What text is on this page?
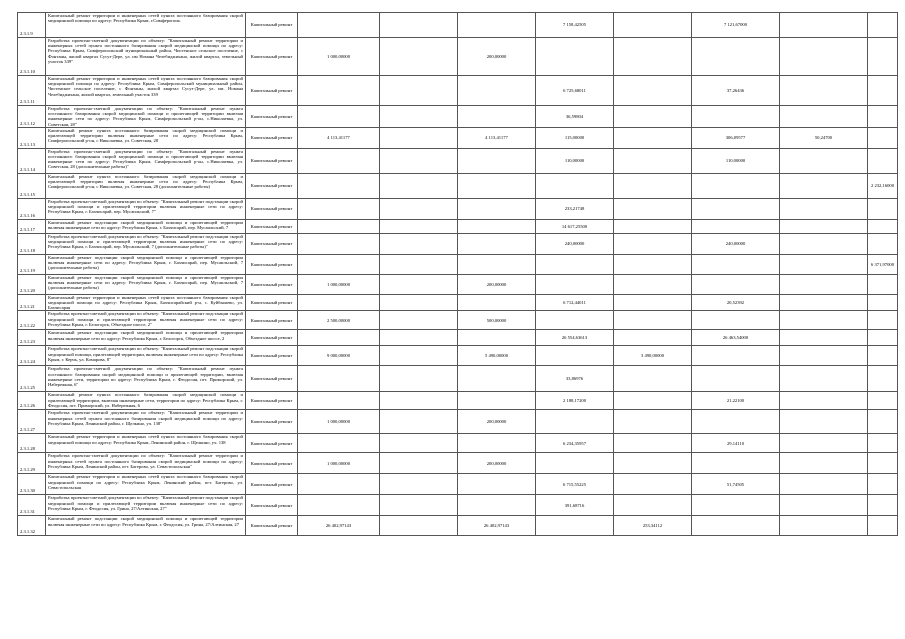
2.3.1.9	Капитальный ремонт территории и инженерных сетей пункта постоянного базирования скорой медицинской помощи по адресу: Республика Крым, г.Симферополь	Капитальный ремонт					7 158,42505		7 121,67000			
2.3.1.10	Разработка проектно-сметной документации по объекту: "Капитальный ремонт территории и инженерных сетей пункта постоянного базирования скорой медицинской помощи по адресу: Республика Крым, Симферопольский муниципальный район, Чистенское сельское поселение, с Фонтаны, жилой квартал Сусуз-Дере, ул. им Номана Челебиджихана, жилой квартал, земельный участок 339"	Капитальный ремонт	1 000,00000			200,00000						
2.3.1.11	Капитальный ремонт территории и инженерных сетей пункта постоянного базирования скорой медицинской помощи по адресу: Республика Крым, Симферопольский муниципальный район, Чистенское сельское поселение, с Фонтаны, жилой квартал Сусуз-Дере, ул. им. Номана Челебиджихана, жилой квартал, земельный участок 339	Капитальный ремонт					6 725,68011		37,26436			
2.3.1.12	Разработка проектно-сметной документации по объекту: "Капитальный ремонт пункта постоянного базирования скорой медицинской помощи и прилегающей территории включая инженерные сети по адресу: Республика Крым, Симферопольский р-он, с.Николаевка, ул. Советская, 28"	Капитальный ремонт					36,59804					
2.3.1.13	Капитальный ремонт пункта постоянного базирования скорой медицинской помощи и прилегающей территории включая инженерные сети по адресу: Республика Крым, Симферопольский р-он, с Николаевка, ул. Советская, 28	Капитальный ремонт	4 113,41177			4 113,41177	115,00000		306,09577	50,24700		
2.3.1.14	Разработка проектно-сметной документации по объекту: "Капитальный ремонт пункта постоянного базирования скорой медицинской помощи и прилегающей территории включая инженерные сети по адресу: Республика Крым, Симферопольский р-он, с.Николаевка, ул. Советская, 28 (дополнительные работы)"	Капитальный ремонт					110,00000		110,00000			
2.3.1.15	Капитальный ремонт пункта постоянного базирования скорой медицинской помощи и прилегающей территории включая инженерные сети по адресу: Республика Крым, Симферопольский р-он, с Николаевка, ул. Советская, 28 (дополнительные работы)	Капитальный ремонт									2 232,16000	
2.3.1.16	Разработка проектно-сметной документации по объекту: "Капитальный ремонт подстанции скорой медицинской помощи и прилегающей территории включая инженерные сети по адресу: Республика Крым, г. Бахчисарай, пер. Мусаильский, 7"	Капитальный ремонт					233,21748					
2.3.1.17	Капитальный ремонт подстанции скорой медицинской помощи и прилегающей территории включая инженерные сети по адресу: Республика Крым, г. Бахчисарай, пер. Мусаильский, 7	Капитальный ремонт					14 617,25500					
2.3.1.18	Разработка проектно-сметной документации по объекту: "Капитальный ремонт подстанции скорой медицинской помощи и прилегающей территории включая инженерные сети по адресу: Республика Крым, г. Бахчисарай, пер. Мусаильский, 7 (дополнительные работы)"	Капитальный ремонт					240,00000		240,00000			
2.3.1.19	Капитальный ремонт подстанции скорой медицинской помощи и прилегающей территории включая инженерные сети по адресу: Республика Крым, г. Бахчисарай, пер. Мусаильский, 7 (дополнительные работы)	Капитальный ремонт									6 371,97000	
2.3.1.20	Капитальный ремонт подстанции скорой медицинской помощи и прилегающей территории включая инженерные сети по адресу: Республика Крым, г. Бахчисарай, пер. Мусаильский, 7 (дополнительные работы)	Капитальный ремонт	1 000,00000			200,00000						
2.3.1.21	Капитальный ремонт территории и инженерных сетей пункта постоянного базирования скорой медицинской помощи по адресу: Республика Крым, Бахчисарайский р-н, с. Куйбышево, ул. Бахчисарая	Капитальный ремонт					6 712,44011		20,52392			
2.3.1.22	Разработка проектно-сметной документации по объекту: "Капитальный ремонт подстанции скорой медицинской помощи и прилегающей территории включая инженерные сети по адресу: Республика Крым, г. Белогорск, Объездное шоссе, 2"	Капитальный ремонт	2 500,00000			500,00000						
2.3.1.23	Капитальный ремонт подстанции скорой медицинской помощи и прилегающей территории включая инженерные сети по адресу: Республика Крым, г. Белогорск, Объездное шоссе, 2	Капитальный ремонт					26 554,63613		26 463,54000			
2.3.1.24	Разработка проектно-сметной документации по объекту: "Капитальный ремонт подстанции скорой медицинской помощи, прилегающей территории, включая инженерные сети по адресу: Республика Крым, г. Керчь, ул. Комарова, 8"	Капитальный ремонт	9 000,00000			5 490,00000		3 490,00000				
2.3.1.25	Разработка проектно-сметной документации по объекту: "Капитальный ремонт пункта постоянного базирования скорой медицинской помощи и прилегающей территории, включая инженерные сети, территории по адресу: Республика Крым, г. Феодосия, пгт. Приморский, ул. Набережная, 6"	Капитальный ремонт					33,86976					
2.3.1.26	Капитальный ремонт пункта постоянного базирования скорой медицинской помощи и прилегающей территории, включая инженерные сети, территории по адресу: Республика Крым, г. Феодосия, пгт. Приморский, ул. Набережная, 6	Капитальный ремонт					2 188,17200		21,22100			
2.3.1.27	Разработка проектно-сметной документации по объекту: "Капитальный ремонт территории и инженерных сетей пункта постоянного базирования скорой медицинской помощи по адресу: Республика Крым, Ленинский район, г. Щелкино, уч. 138"	Капитальный ремонт	1 000,00000			200,00000						
2.3.1.28	Капитальный ремонт территории и инженерных сетей пункта постоянного базирования скорой медицинской помощи по адресу: Республика Крым, Ленинский район, г. Щелкино, уч. 138	Капитальный ремонт					6 234,35957		29,14110			
2.3.1.29	Разработка проектно-сметной документации по объекту: "Капитальный ремонт территории и инженерных сетей пункта постоянного базирования скорой медицинской помощи по адресу: Республика Крым, Ленинский район, пгт. Багерово, ул. Севастопольская"	Капитальный ремонт	1 000,00000			200,00000						
2.3.1.30	Капитальный ремонт территории и инженерных сетей пункта постоянного базирования скорой медицинской помощи по адресу: Республика Крым, Ленинский район, пгт. Багерово, ул. Севастопольская	Капитальный ремонт					6 715,55225		51,74505			
2.3.1.31	Разработка проектно-сметной документации по объекту: "Капитальный ремонт подстанции скорой медицинской помощи и прилегающей территории включая инженерные сети по адресу: Республика Крым, г. Феодосия, ул. Грина, 27/Алтинская, 27"	Капитальный ремонт					391,68716					
2.3.1.32	Капитальный ремонт подстанции скорой медицинской помощи и прилегающей территории включая инженерные сети по адресу: Республика Крым, г. Феодосия, ул. Грина, 27/Алтинская, 27	Капитальный ремонт	26 402,97143			26 402,97143		253,34112				
